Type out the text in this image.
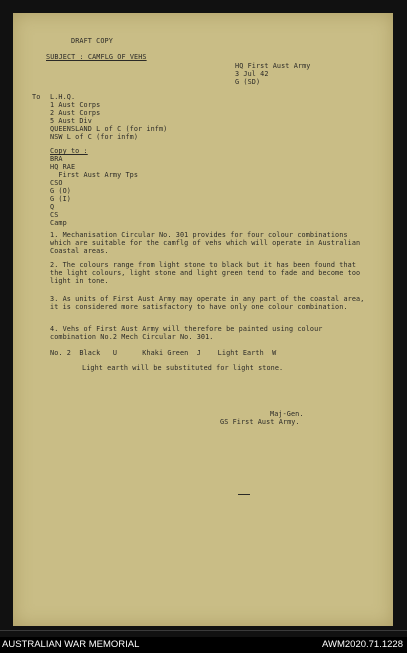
DRAFT COPY
SUBJECT : CAMFLG OF VEHS
HQ First Aust Army
3 Jul 42
G (SD)
To L.H.Q.
1 Aust Corps
2 Aust Corps
5 Aust Div
QUEENSLAND L of C (for infm)
NSW L of C (for infm)
Copy to :
BRA
HQ RAE
First Aust Army Tps
CSO
G (O)
G (I)
Q
CS
Camp
1. Mechanisation Circular No. 301 provides for four colour combinations which are suitable for the camflg of vehs which will operate in Australian Coastal areas.
2. The colours range from light stone to black but it has been found that the light colours, light stone and light green tend to fade and become too light in tone.
3. As units of First Aust Army may operate in any part of the coastal area, it is considered more satisfactory to have only one colour combination.
4. Vehs of First Aust Army will therefore be painted using colour combination No.2 Mech Circular No. 301.
No. 2  Black   U      Khaki Green  J    Light Earth  W
Light earth will be substituted for light stone.
Maj-Gen.
GS First Aust Army.
AUSTRALIAN WAR MEMORIAL	AWM2020.71.1228
